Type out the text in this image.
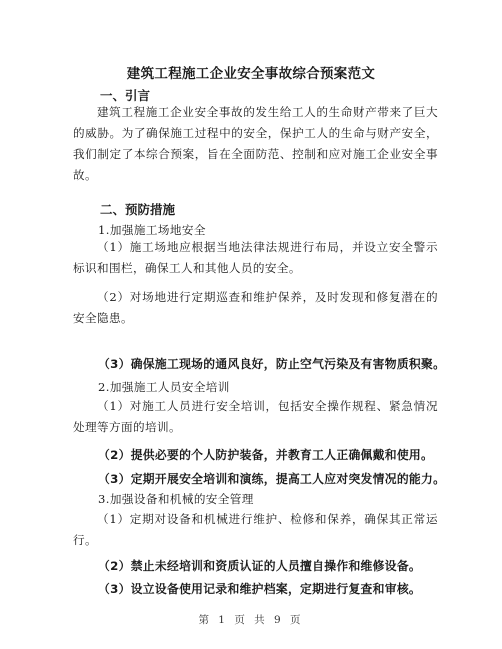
建筑工程施工企业安全事故综合预案范文
一、引言
建筑工程施工企业安全事故的发生给工人的生命财产带来了巨大的威胁。为了确保施工过程中的安全，保护工人的生命与财产安全，我们制定了本综合预案，旨在全面防范、控制和应对施工企业安全事故。
二、预防措施
1.加强施工场地安全
（1）施工场地应根据当地法律法规进行布局，并设立安全警示标识和围栏，确保工人和其他人员的安全。
（2）对场地进行定期巡查和维护保养，及时发现和修复潜在的安全隐患。
（3）确保施工现场的通风良好，防止空气污染及有害物质积聚。
2.加强施工人员安全培训
（1）对施工人员进行安全培训，包括安全操作规程、紧急情况处理等方面的培训。
（2）提供必要的个人防护装备，并教育工人正确佩戴和使用。
（3）定期开展安全培训和演练，提高工人应对突发情况的能力。
3.加强设备和机械的安全管理
（1）定期对设备和机械进行维护、检修和保养，确保其正常运行。
（2）禁止未经培训和资质认证的人员擅自操作和维修设备。
（3）设立设备使用记录和维护档案，定期进行复查和审核。
第 1 页 共 9 页
